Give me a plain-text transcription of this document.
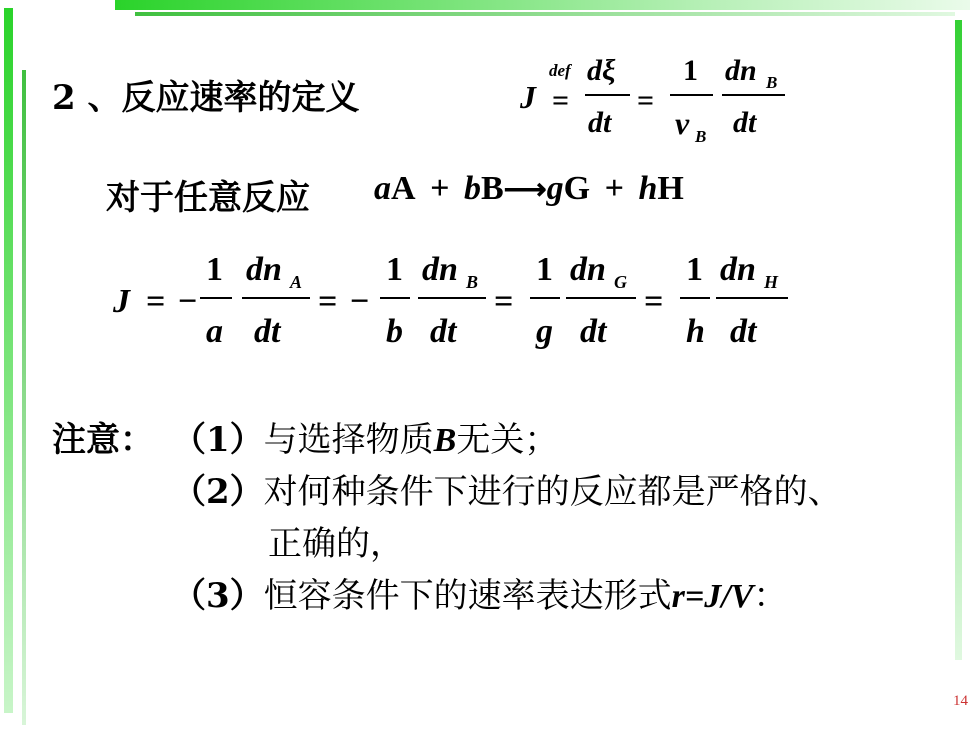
2 、反应速率的定义	J
def
=
dξ
dt
=
1
ν B
dn B
dt
对于任意反应 aA + bB⟶gG + hH
J = −
1
a
dn A
dt
= −
1
b
dn B
dt
=
1
g
dn G
dt
=
1
h
dn H
dt
注意： （1）与选择物质B无关；
（2）对何种条件下进行的反应都是严格的、
正确的，
（3）恒容条件下的速率表达形式r=J/V：
14
